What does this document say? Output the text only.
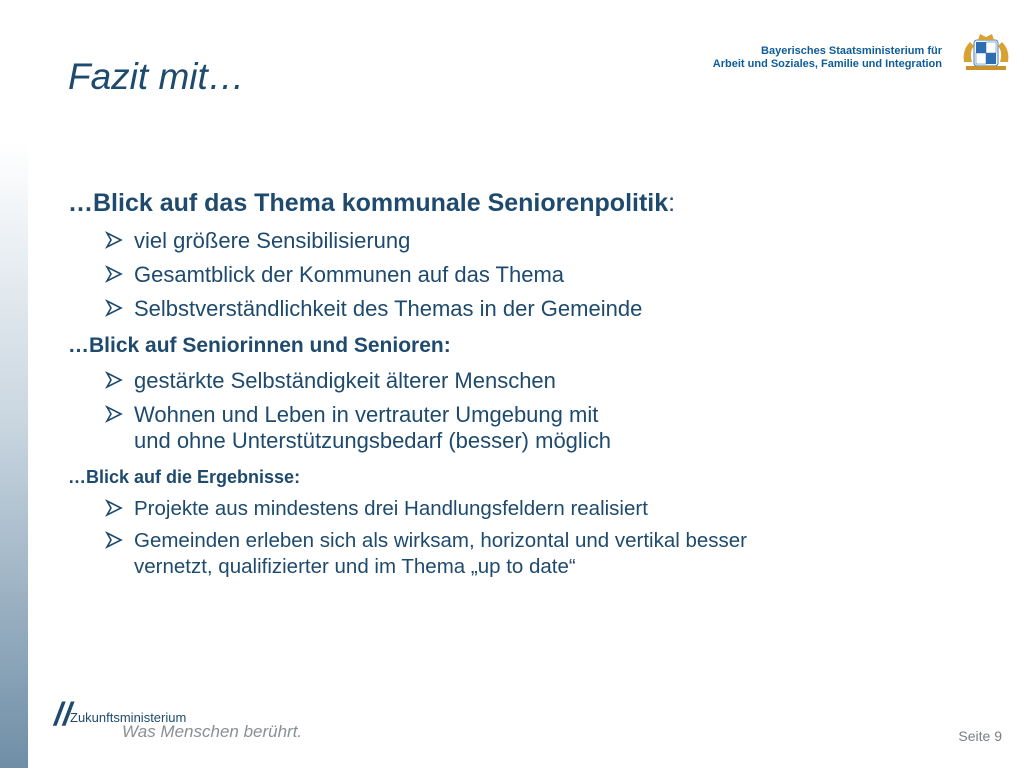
Fazit mit…
Bayerisches Staatsministerium für
Arbeit und Soziales, Familie und Integration
…Blick auf das Thema kommunale Seniorenpolitik:
viel größere Sensibilisierung
Gesamtblick der Kommunen auf das Thema
Selbstverständlichkeit des Themas in der Gemeinde
…Blick auf Seniorinnen und Senioren:
gestärkte Selbständigkeit älterer Menschen
Wohnen und Leben in vertrauter Umgebung mit
und ohne Unterstützungsbedarf (besser) möglich
…Blick auf die Ergebnisse:
Projekte aus mindestens drei Handlungsfeldern realisiert
Gemeinden erleben sich als wirksam, horizontal und vertikal besser
vernetzt, qualifizierter und im Thema „up to date“
//
Zukunftsministerium
Was Menschen berührt.	Seite 9
